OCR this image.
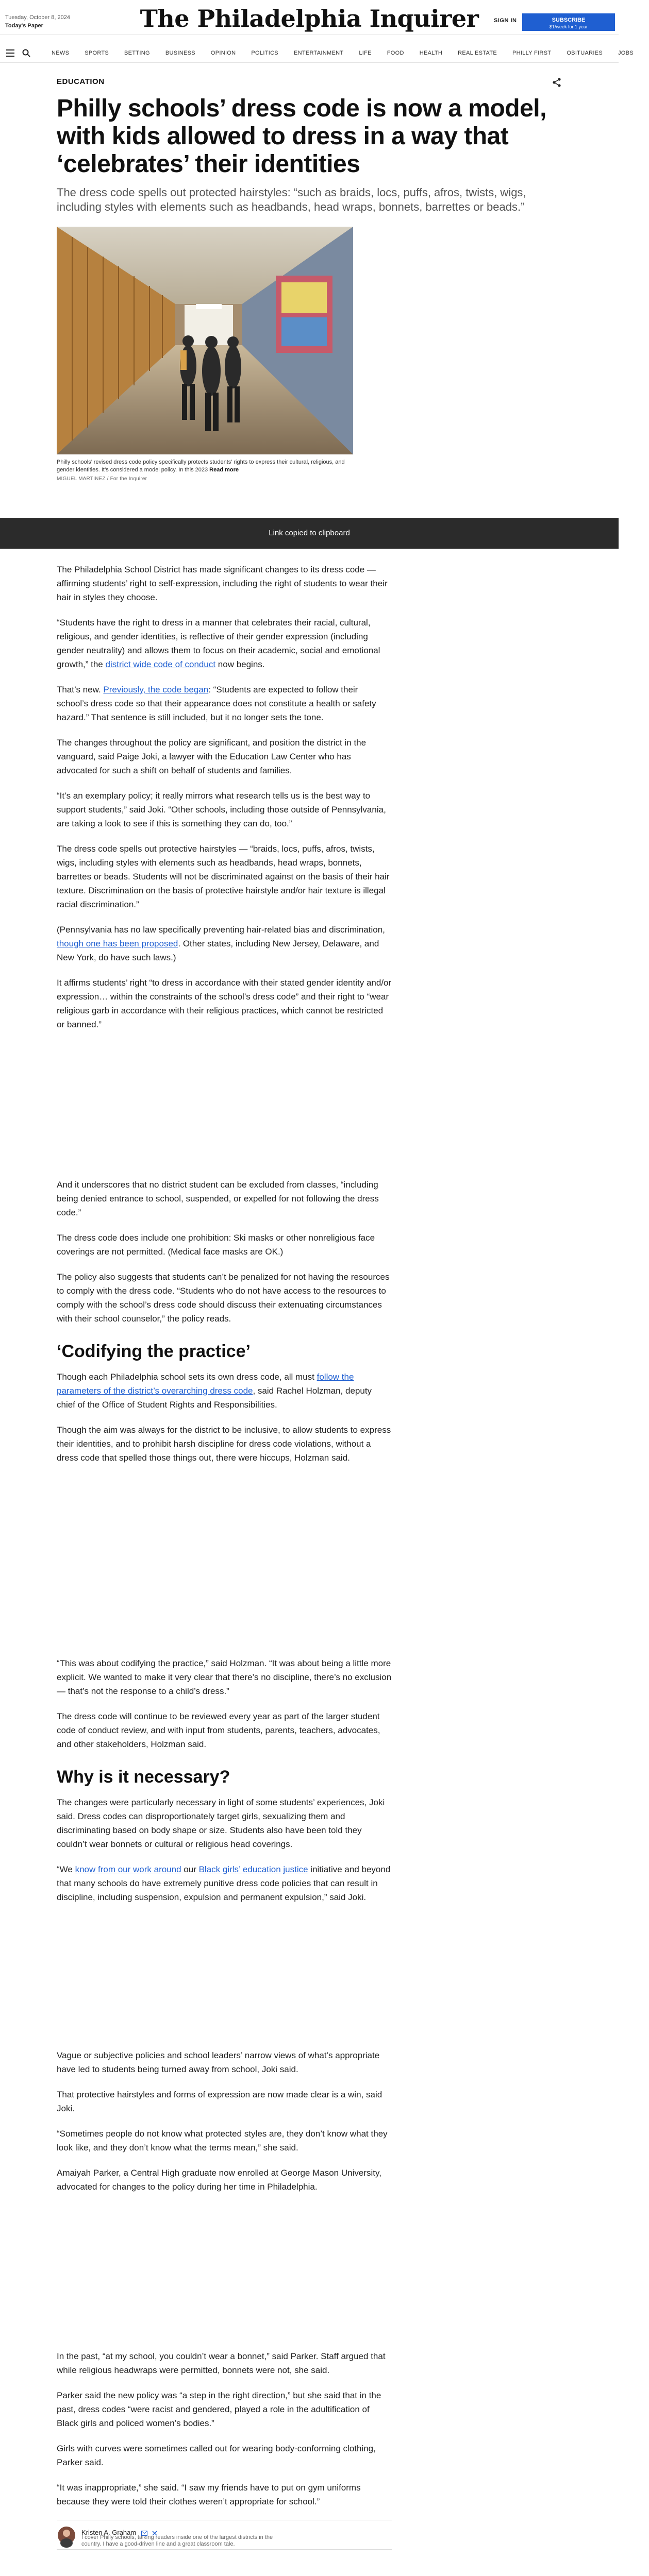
Tuesday, October 8, 2024
Today's Paper	The Philadelphia Inquirer	SIGN IN	SUBSCRIBE
$1/week for 1 year
NEWS	SPORTS	BETTING	BUSINESS	OPINION	POLITICS	ENTERTAINMENT	LIFE	FOOD	HEALTH	REAL ESTATE	PHILLY FIRST	OBITUARIES	JOBS
EDUCATION
Philly schools’ dress code is now a model, with kids allowed to dress in a way that ‘celebrates’ their identities
The dress code spells out protected hairstyles: “such as braids, locs, puffs, afros, twists, wigs, including styles with elements such as headbands, head wraps, bonnets, barrettes or beads.”
Philly schools’ revised dress code policy specifically protects students’ rights to express their cultural, religious, and gender identities. It’s considered a model policy. In this 2023 Read more
MIGUEL MARTINEZ / For the Inquirer
Link copied to clipboard

The Philadelphia School District has made significant changes to its dress code — affirming students’ right to self-expression, including the right of students to wear their hair in styles they choose.

“Students have the right to dress in a manner that celebrates their racial, cultural, religious, and gender identities, is reflective of their gender expression (including gender neutrality) and allows them to focus on their academic, social and emotional growth,” the district wide code of conduct now begins.

That’s new. Previously, the code began: “Students are expected to follow their school’s dress code so that their appearance does not constitute a health or safety hazard.” That sentence is still included, but it no longer sets the tone.

The changes throughout the policy are significant, and position the district in the vanguard, said Paige Joki, a lawyer with the Education Law Center who has advocated for such a shift on behalf of students and families.

“It’s an exemplary policy; it really mirrors what research tells us is the best way to support students,” said Joki. “Other schools, including those outside of Pennsylvania, are taking a look to see if this is something they can do, too.”

The dress code spells out protective hairstyles — “braids, locs, puffs, afros, twists, wigs, including styles with elements such as headbands, head wraps, bonnets, barrettes or beads. Students will not be discriminated against on the basis of their hair texture. Discrimination on the basis of protective hairstyle and/or hair texture is illegal racial discrimination.”

(Pennsylvania has no law specifically preventing hair-related bias and discrimination, though one has been proposed. Other states, including New Jersey, Delaware, and New York, do have such laws.)

It affirms students’ right “to dress in accordance with their stated gender identity and/or expression… within the constraints of the school’s dress code” and their right to “wear religious garb in accordance with their religious practices, which cannot be restricted or banned.”

And it underscores that no district student can be excluded from classes, “including being denied entrance to school, suspended, or expelled for not following the dress code.”

The dress code does include one prohibition: Ski masks or other nonreligious face coverings are not permitted. (Medical face masks are OK.)

The policy also suggests that students can’t be penalized for not having the resources to comply with the dress code. “Students who do not have access to the resources to comply with the school’s dress code should discuss their extenuating circumstances with their school counselor,” the policy reads.

‘Codifying the practice’

Though each Philadelphia school sets its own dress code, all must follow the parameters of the district’s overarching dress code, said Rachel Holzman, deputy chief of the Office of Student Rights and Responsibilities.

Though the aim was always for the district to be inclusive, to allow students to express their identities, and to prohibit harsh discipline for dress code violations, without a dress code that spelled those things out, there were hiccups, Holzman said.

“This was about codifying the practice,” said Holzman. “It was about being a little more explicit. We wanted to make it very clear that there’s no discipline, there’s no exclusion — that’s not the response to a child’s dress.”

The dress code will continue to be reviewed every year as part of the larger student code of conduct review, and with input from students, parents, teachers, advocates, and other stakeholders, Holzman said.

Why is it necessary?

The changes were particularly necessary in light of some students’ experiences, Joki said. Dress codes can disproportionately target girls, sexualizing them and discriminating based on body shape or size. Students also have been told they couldn’t wear bonnets or cultural or religious head coverings.

“We know from our work around our Black girls’ education justice initiative and beyond that many schools do have extremely punitive dress code policies that can result in discipline, including suspension, expulsion and permanent expulsion,” said Joki.

Vague or subjective policies and school leaders’ narrow views of what’s appropriate have led to students being turned away from school, Joki said.

That protective hairstyles and forms of expression are now made clear is a win, said Joki.

“Sometimes people do not know what protected styles are, they don’t know what they look like, and they don’t know what the terms mean,” she said.

Amaiyah Parker, a Central High graduate now enrolled at George Mason University, advocated for changes to the policy during her time in Philadelphia.

In the past, “at my school, you couldn’t wear a bonnet,” said Parker. Staff argued that while religious headwraps were permitted, bonnets were not, she said.

Parker said the new policy was “a step in the right direction,” but she said that in the past, dress codes “were racist and gendered, played a role in the adultification of Black girls and policed women’s bodies.”

Girls with curves were sometimes called out for wearing body-conforming clothing, Parker said.

“It was inappropriate,” she said. “I saw my friends have to put on gym uniforms because they were told their clothes weren’t appropriate for school.”

Kristen A. Graham
I cover Philly schools, talking readers inside one of the largest districts in the
country. I have a good-driven line and a great classroom tale.
